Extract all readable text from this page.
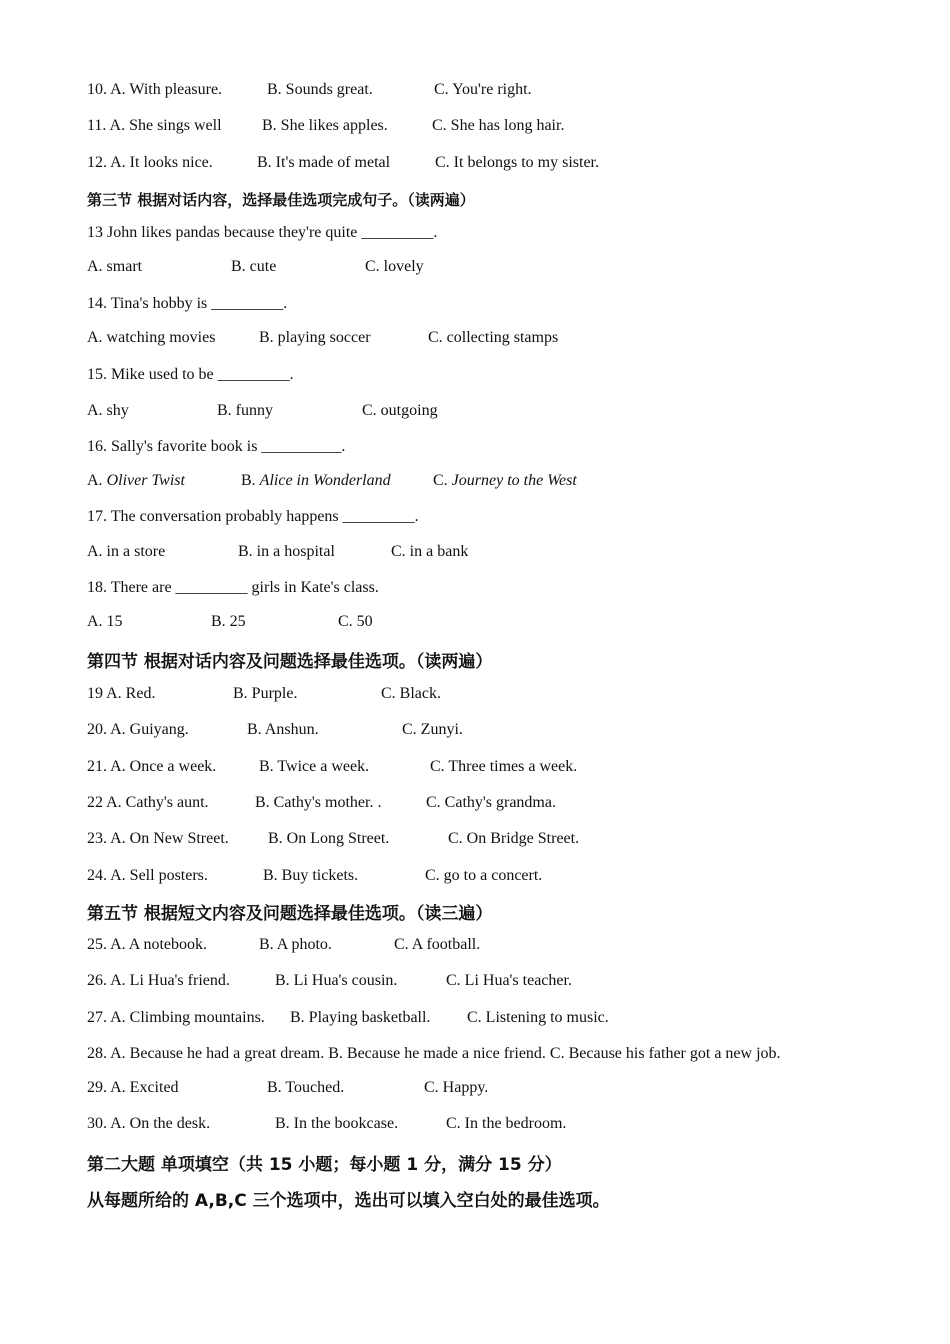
10. A. With pleasure.	B. Sounds great.	C. You're right.
11. A. She sings well	B. She likes apples.	C. She has long hair.
12. A. It looks nice.	B. It's made of metal	C. It belongs to my sister.
第三节 根据对话内容，选择最佳选项完成句子。（读两遍）
13 John likes pandas because they're quite _________.
A. smart	B. cute	C. lovely
14. Tina's hobby is _________.
A. watching movies	B. playing soccer	C. collecting stamps
15. Mike used to be _________.
A. shy	B. funny	C. outgoing
16. Sally's favorite book is __________.
A. Oliver Twist	B. Alice in Wonderland	C. Journey to the West
17. The conversation probably happens _________.
A. in a store	B. in a hospital	C. in a bank
18. There are _________ girls in Kate's class.
A. 15	B. 25	C. 50
第四节 根据对话内容及问题选择最佳选项。（读两遍）
19 A. Red.	B. Purple.	C. Black.
20. A. Guiyang.	B. Anshun.	C. Zunyi.
21. A. Once a week.	B. Twice a week.	C. Three times a week.
22 A. Cathy's aunt.	B. Cathy's mother. .	C. Cathy's grandma.
23. A. On New Street. B. On Long Street.	C. On Bridge Street.
24. A. Sell posters.	B. Buy tickets.	C. go to a concert.
第五节 根据短文内容及问题选择最佳选项。（读三遍）
25. A. A notebook.	B. A photo.	C. A football.
26. A. Li Hua's friend.	B. Li Hua's cousin.	C. Li Hua's teacher.
27. A. Climbing mountains. B. Playing basketball. C. Listening to music.
28. A. Because he had a great dream. B. Because he made a nice friend. C. Because his father got a new job.
29. A. Excited	B. Touched.	C. Happy.
30. A. On the desk.	B. In the bookcase.	C. In the bedroom.
第二大题 单项填空（共 15 小题；每小题 1 分，满分 15 分）
从每题所给的 A,B,C 三个选项中，选出可以填入空白处的最佳选项。
